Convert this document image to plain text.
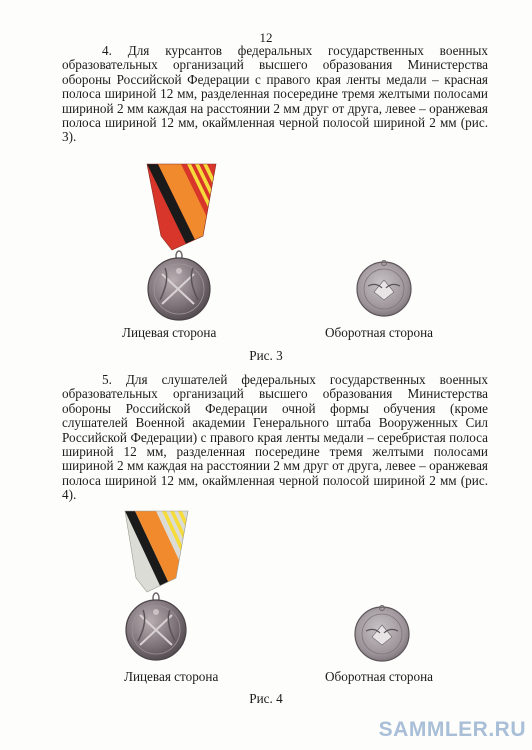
12

4. Для курсантов федеральных государственных военных образовательных организаций высшего образования Министерства обороны Российской Федерации с правого края ленты медали – красная полоса шириной 12 мм, разделенная посередине тремя желтыми полосами шириной 2 мм каждая на расстоянии 2 мм друг от друга, левее – оранжевая полоса шириной 12 мм, окаймленная черной полосой шириной 2 мм (рис. 3).

Лицевая сторона	Оборотная сторона
Рис. 3

5. Для слушателей федеральных государственных военных образовательных организаций высшего образования Министерства обороны Российской Федерации очной формы обучения (кроме слушателей Военной академии Генерального штаба Вооруженных Сил Российской Федерации) с правого края ленты медали – серебристая полоса шириной 12 мм, разделенная посередине тремя желтыми полосами шириной 2 мм каждая на расстоянии 2 мм друг от друга, левее – оранжевая полоса шириной 12 мм, окаймленная черной полосой шириной 2 мм (рис. 4).

Лицевая сторона	Оборотная сторона
Рис. 4
SAMMLER.RU
